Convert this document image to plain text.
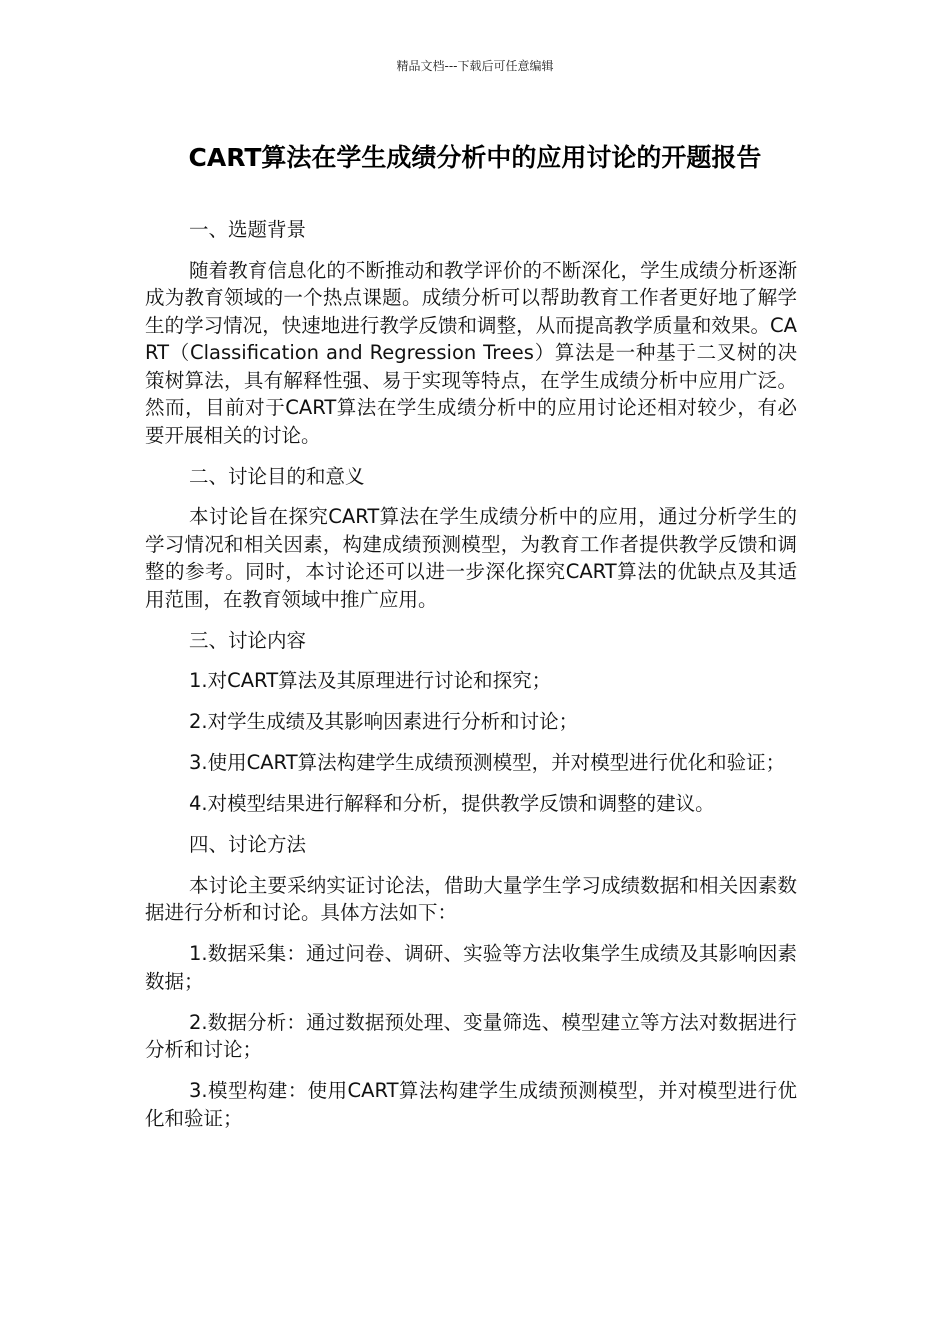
精品文档---下载后可任意编辑
CART算法在学生成绩分析中的应用讨论的开题报告

一、选题背景

随着教育信息化的不断推动和教学评价的不断深化，学生成绩分析逐渐成为教育领域的一个热点课题。成绩分析可以帮助教育工作者更好地了解学生的学习情况，快速地进行教学反馈和调整，从而提高教学质量和效果。CART（Classification and Regression Trees）算法是一种基于二叉树的决策树算法，具有解释性强、易于实现等特点，在学生成绩分析中应用广泛。然而，目前对于CART算法在学生成绩分析中的应用讨论还相对较少，有必要开展相关的讨论。

二、讨论目的和意义

本讨论旨在探究CART算法在学生成绩分析中的应用，通过分析学生的学习情况和相关因素，构建成绩预测模型，为教育工作者提供教学反馈和调整的参考。同时，本讨论还可以进一步深化探究CART算法的优缺点及其适用范围，在教育领域中推广应用。

三、讨论内容

1.对CART算法及其原理进行讨论和探究；

2.对学生成绩及其影响因素进行分析和讨论；

3.使用CART算法构建学生成绩预测模型，并对模型进行优化和验证；

4.对模型结果进行解释和分析，提供教学反馈和调整的建议。

四、讨论方法

本讨论主要采纳实证讨论法，借助大量学生学习成绩数据和相关因素数据进行分析和讨论。具体方法如下：

1.数据采集：通过问卷、调研、实验等方法收集学生成绩及其影响因素数据；

2.数据分析：通过数据预处理、变量筛选、模型建立等方法对数据进行分析和讨论；

3.模型构建：使用CART算法构建学生成绩预测模型，并对模型进行优化和验证；
